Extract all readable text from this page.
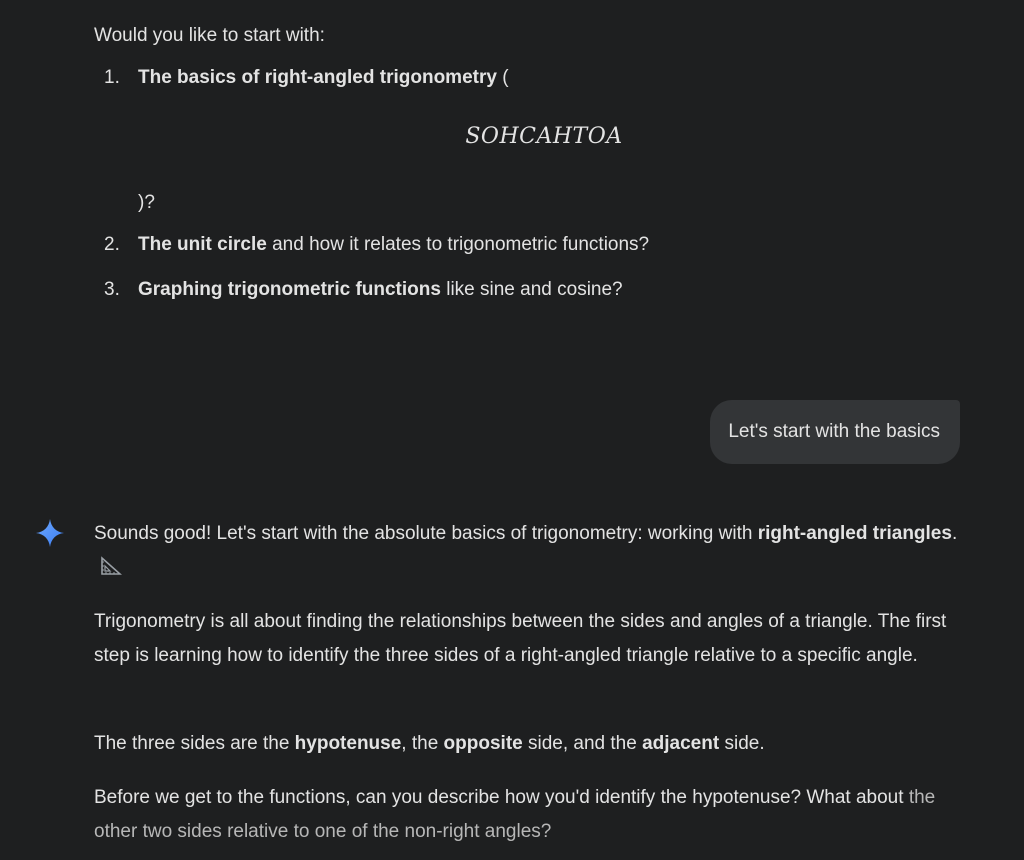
Would you like to start with:

1. The basics of right-angled trigonometry (
SOHCAHTOA
)?
2. The unit circle and how it relates to trigonometric functions?
3. Graphing trigonometric functions like sine and cosine?
Let's start with the basics

Sounds good! Let's start with the absolute basics of trigonometry: working with right-angled triangles.

Trigonometry is all about finding the relationships between the sides and angles of a triangle. The first step is learning how to identify the three sides of a right-angled triangle relative to a specific angle.

The three sides are the hypotenuse, the opposite side, and the adjacent side.

Before we get to the functions, can you describe how you'd identify the hypotenuse? What about the other two sides relative to one of the non-right angles?
